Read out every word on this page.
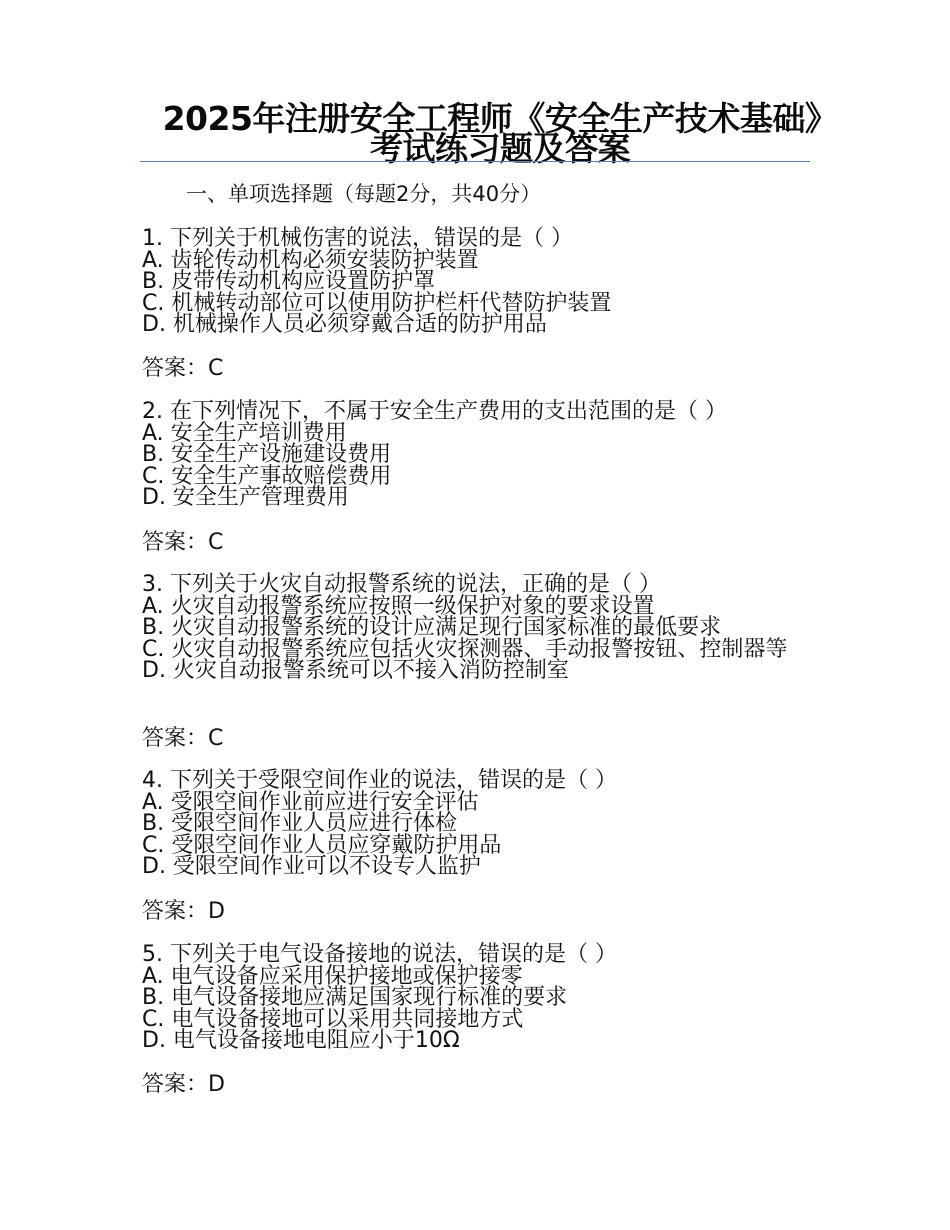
2025年注册安全工程师《安全生产技术基础》考试练习题及答案
一、单项选择题（每题2分，共40分）

1. 下列关于机械伤害的说法，错误的是（ ）

A. 齿轮传动机构必须安装防护装置

B. 皮带传动机构应设置防护罩

C. 机械转动部位可以使用防护栏杆代替防护装置

D. 机械操作人员必须穿戴合适的防护用品

答案：C

2. 在下列情况下，不属于安全生产费用的支出范围的是（ ）

A. 安全生产培训费用

B. 安全生产设施建设费用

C. 安全生产事故赔偿费用

D. 安全生产管理费用

答案：C

3. 下列关于火灾自动报警系统的说法，正确的是（ ）

A. 火灾自动报警系统应按照一级保护对象的要求设置

B. 火灾自动报警系统的设计应满足现行国家标准的最低要求

C. 火灾自动报警系统应包括火灾探测器、手动报警按钮、控制器等

D. 火灾自动报警系统可以不接入消防控制室

答案：C

4. 下列关于受限空间作业的说法，错误的是（ ）

A. 受限空间作业前应进行安全评估

B. 受限空间作业人员应进行体检

C. 受限空间作业人员应穿戴防护用品

D. 受限空间作业可以不设专人监护

答案：D

5. 下列关于电气设备接地的说法，错误的是（ ）

A. 电气设备应采用保护接地或保护接零

B. 电气设备接地应满足国家现行标准的要求

C. 电气设备接地可以采用共同接地方式

D. 电气设备接地电阻应小于10Ω

答案：D
